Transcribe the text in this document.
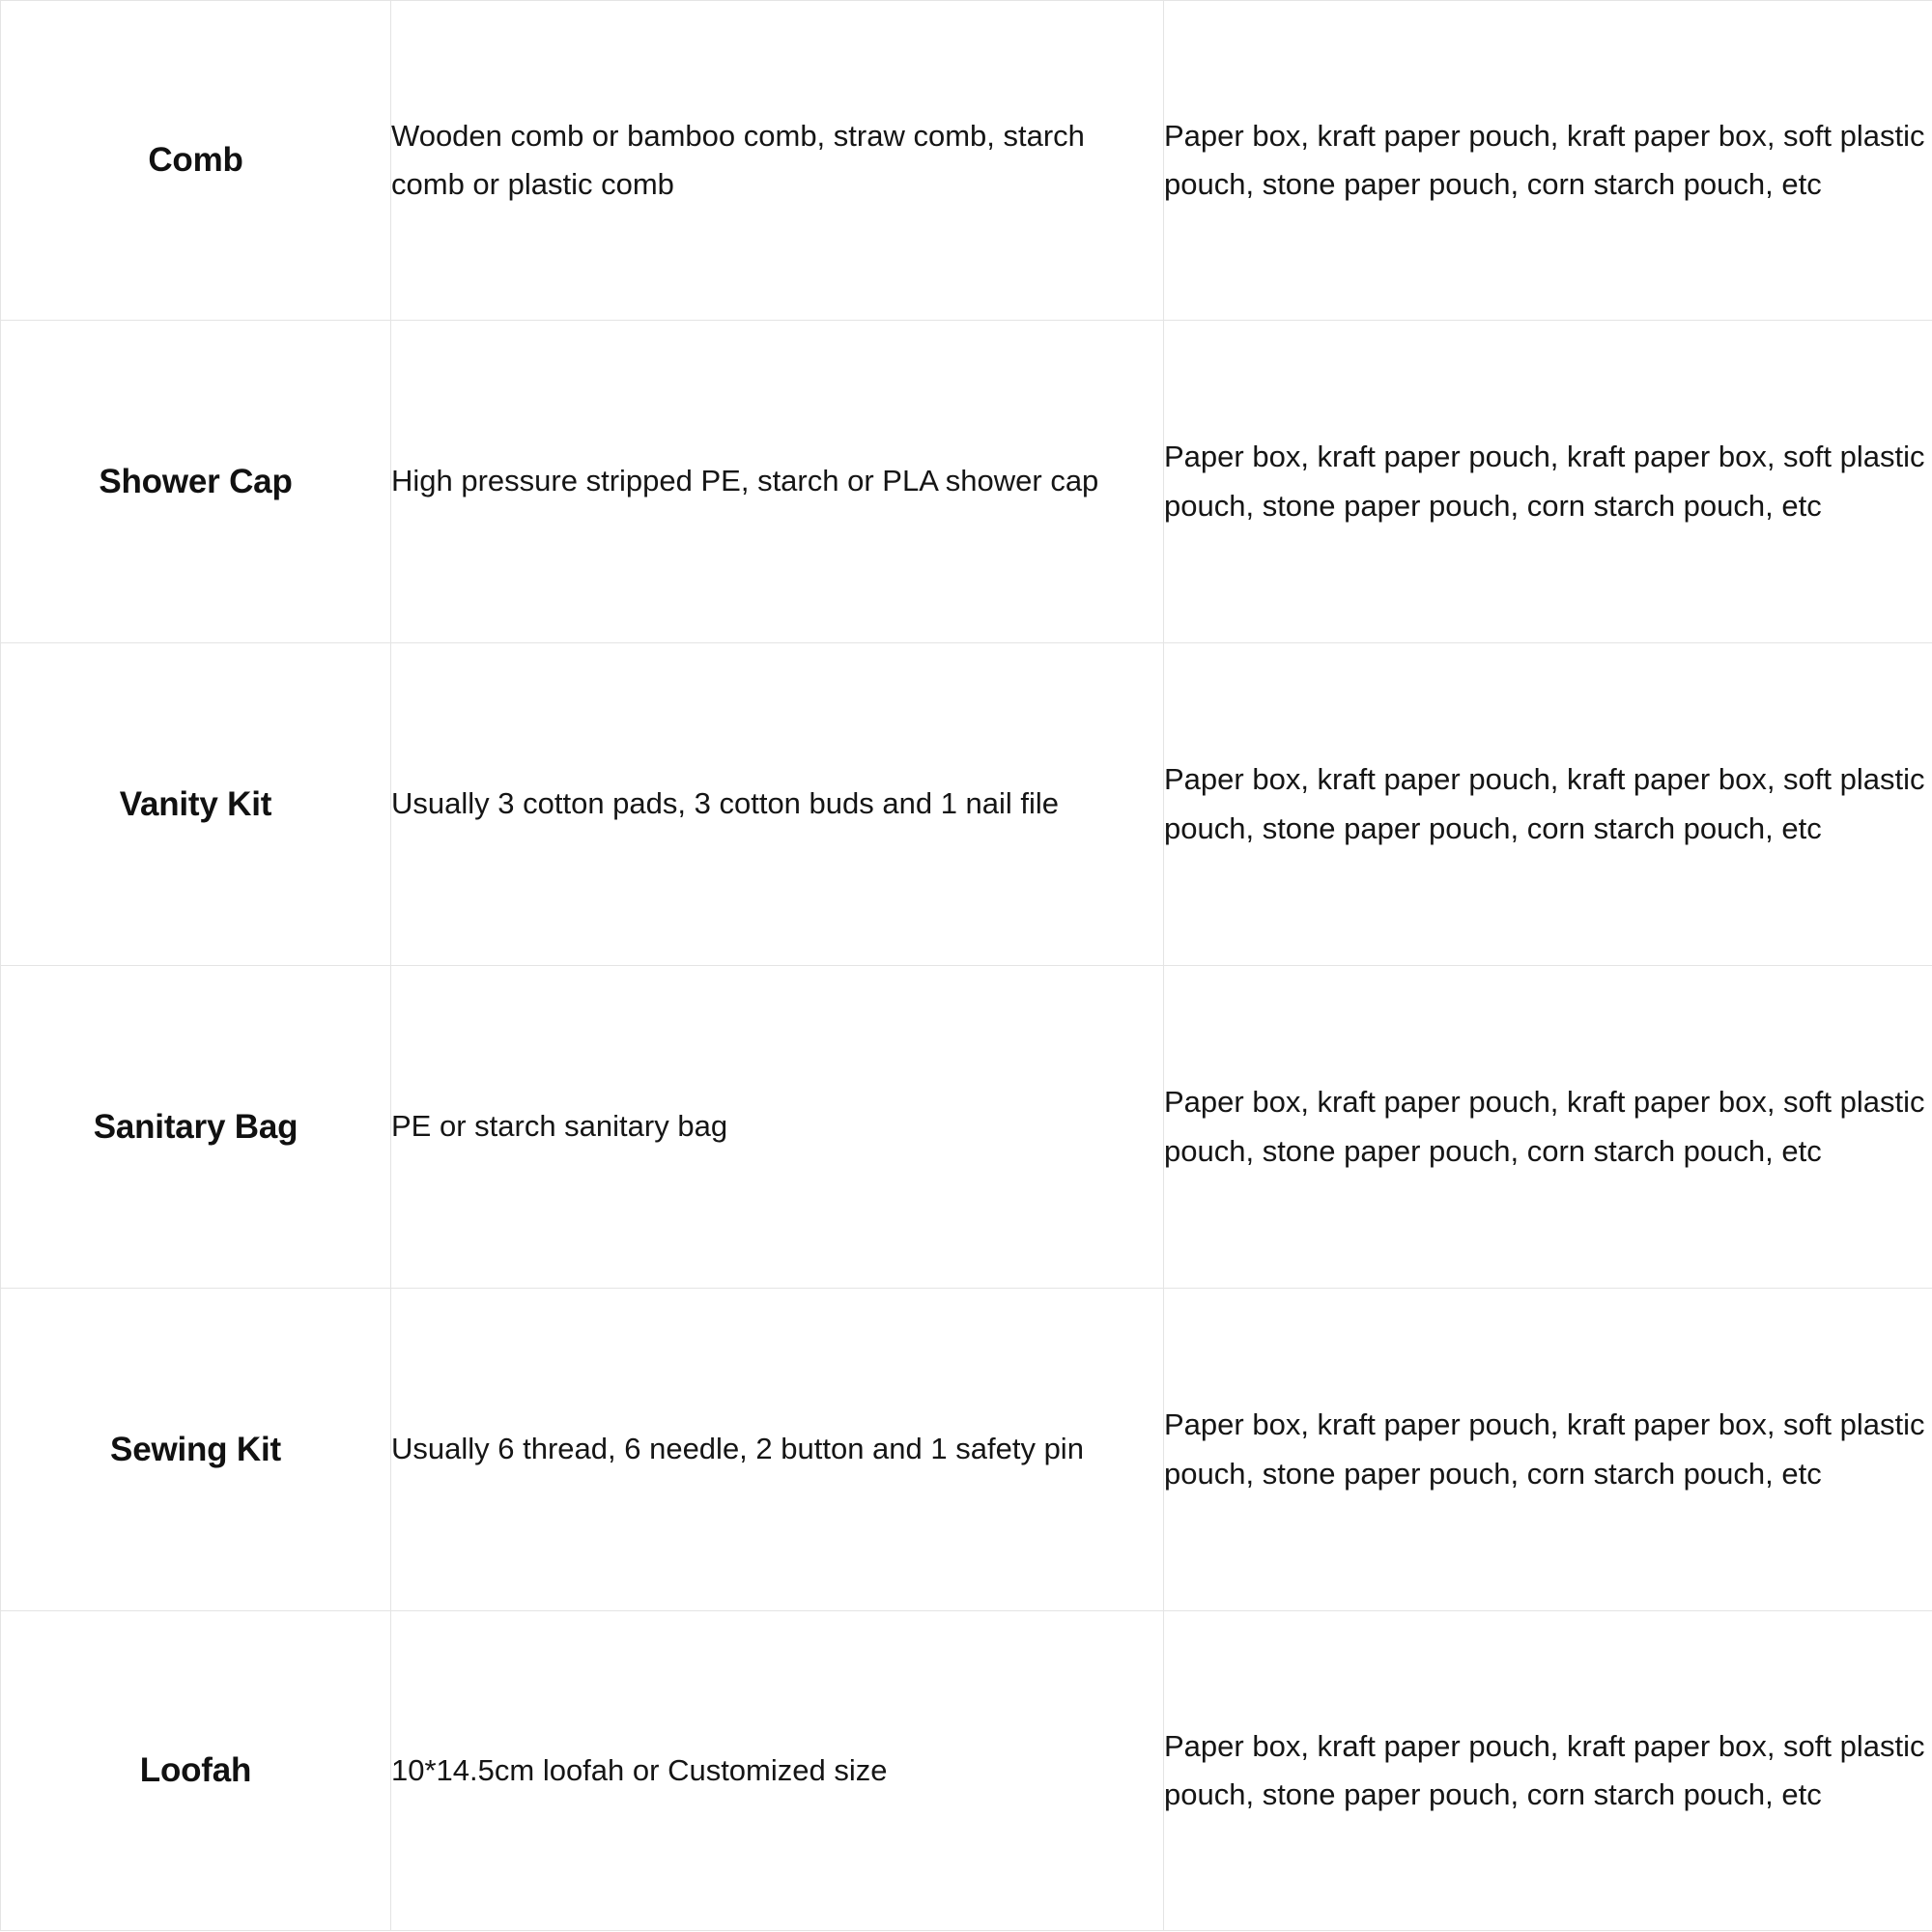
Comb	Wooden comb or bamboo comb, straw comb, starch comb or plastic comb	Paper box, kraft paper pouch, kraft paper box, soft plastic pouch, stone paper pouch, corn starch pouch, etc
Shower Cap	High pressure stripped PE, starch or PLA shower cap	Paper box, kraft paper pouch, kraft paper box, soft plastic pouch, stone paper pouch, corn starch pouch, etc
Vanity Kit	Usually 3 cotton pads, 3 cotton buds and 1 nail file	Paper box, kraft paper pouch, kraft paper box, soft plastic pouch, stone paper pouch, corn starch pouch, etc
Sanitary Bag	PE or starch sanitary bag	Paper box, kraft paper pouch, kraft paper box, soft plastic pouch, stone paper pouch, corn starch pouch, etc
Sewing Kit	Usually 6 thread, 6 needle, 2 button and 1 safety pin	Paper box, kraft paper pouch, kraft paper box, soft plastic pouch, stone paper pouch, corn starch pouch, etc
Loofah	10*14.5cm loofah or Customized size	Paper box, kraft paper pouch, kraft paper box, soft plastic pouch, stone paper pouch, corn starch pouch, etc
